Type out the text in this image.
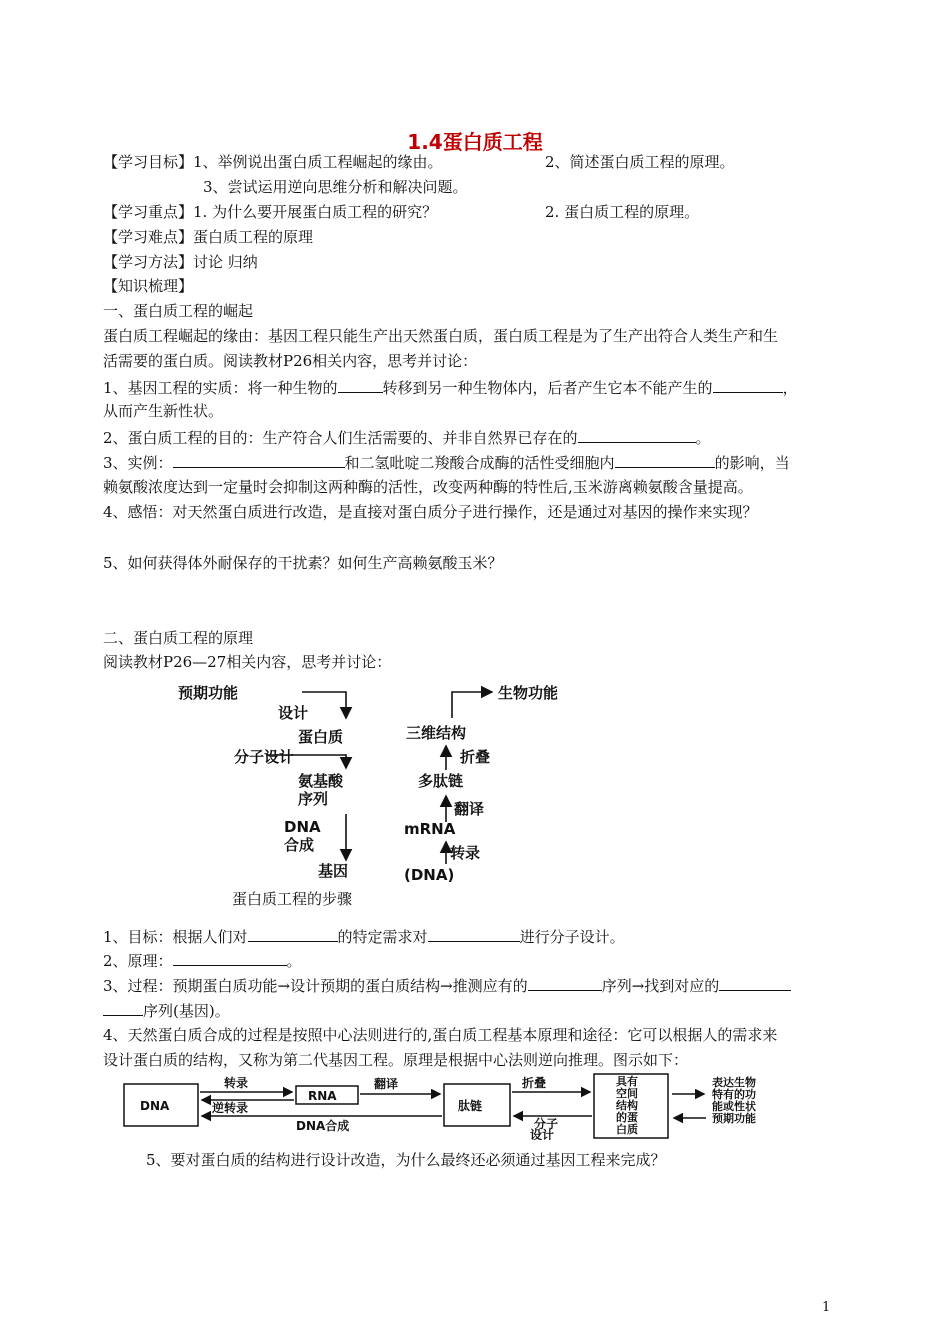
1.4蛋白质工程
【学习目标】1、举例说出蛋白质工程崛起的缘由。	2、简述蛋白质工程的原理。
3、尝试运用逆向思维分析和解决问题。
【学习重点】1. 为什么要开展蛋白质工程的研究？	2. 蛋白质工程的原理。
【学习难点】蛋白质工程的原理
【学习方法】讨论 归纳
【知识梳理】
一、蛋白质工程的崛起
蛋白质工程崛起的缘由：基因工程只能生产出天然蛋白质，蛋白质工程是为了生产出符合人类生产和生
活需要的蛋白质。阅读教材P26相关内容，思考并讨论：
1、基因工程的实质：将一种生物的	转移到另一种生物体内，后者产生它本不能产生的	，
从而产生新性状。
2、蛋白质工程的目的：生产符合人们生活需要的、并非自然界已存在的	。
3、实例：	和二氢吡啶二羧酸合成酶的活性受细胞内	的影响，当
赖氨酸浓度达到一定量时会抑制这两种酶的活性，改变两种酶的特性后,玉米游离赖氨酸含量提高。
4、感悟：对天然蛋白质进行改造，是直接对蛋白质分子进行操作，还是通过对基因的操作来实现？
5、如何获得体外耐保存的干扰素？如何生产高赖氨酸玉米？
二、蛋白质工程的原理
阅读教材P26—27相关内容，思考并讨论：
预期功能
设计
蛋白质
分子设计
氨基酸
序列
DNA
合成
基因
生物功能
三维结构
折叠
多肽链
翻译
mRNA
转录
(DNA)
蛋白质工程的步骤
1、目标：根据人们对	的特定需求对	进行分子设计。
2、原理：	。
3、过程：预期蛋白质功能→设计预期的蛋白质结构→推测应有的	序列→找到对应的
序列(基因)。
4、天然蛋白质合成的过程是按照中心法则进行的,蛋白质工程基本原理和途径：它可以根据人的需求来
设计蛋白质的结构，又称为第二代基因工程。原理是根据中心法则逆向推理。图示如下：
DNA
转录
逆转录
RNA
翻译
DNA合成
肽链
折叠
分子
设计
具有
空间
结构
的蛋
白质
表达生物
特有的功
能或性状
预期功能
5、要对蛋白质的结构进行设计改造，为什么最终还必须通过基因工程来完成？
1
